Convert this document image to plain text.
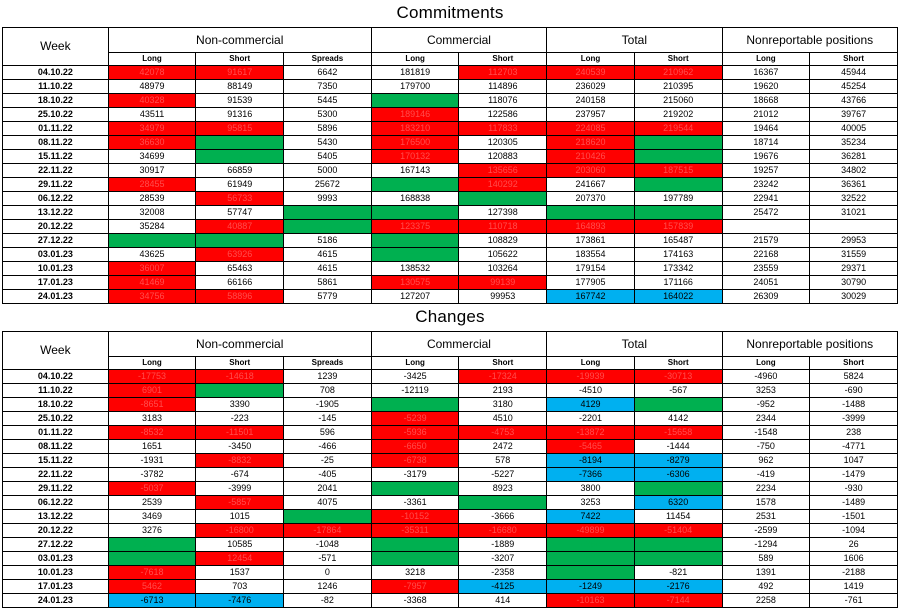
Commitments
Week	Non-commercial			Commercial		Total		Nonreportable positions	
	Long	Short	Spreads	Long	Short	Long	Short	Long	Short
04.10.22	42078	91617	6642	181819	112703	240539	210962	16367	45944
11.10.22	48979	88149	7350	179700	114896	236029	210395	19620	45254
18.10.22	40328	91539	5445	194385	118076	240158	215060	18668	43766
25.10.22	43511	91316	5300	189146	122586	237957	219202	21012	39767
01.11.22	34979	95815	5896	183210	117833	224085	219544	19464	40005
08.11.22	36630	76365	5430	176500	120305	218620	202100	18714	35234
15.11.22	34699	67533	5405	170132	120883	210426	193821	19676	36281
22.11.22	30917	66859	5000	167143	135656	203060	187515	19257	34802
29.11.22	28455	61949	25672	187540	140292	241667	228549	23242	36361
06.12.22	28539	56733	9993	168838	131064	207370	197789	22941	32522
13.12.22	32008	57747	24098	158688	127398	214792	209243	25472	31021
20.12.22	35284	40887	8234	123375	110718	164893	157839		
27.12.22	40585	51472	5186	128090	108829	173861	165487	21579	29953
03.01.23	43625	63926	4615	135314	105622	183554	174163	22168	31559
10.01.23	36007	65463	4615	138532	103264	179154	173342	23559	29371
17.01.23	41469	66166	5861	130575	99139	177905	171166	24051	30790
24.01.23	34756	58896	5779	127207	99953	167742	164022	26309	30029
Changes
Week	Non-commercial			Commercial		Total		Nonreportable positions	
	Long	Short	Spreads	Long	Short	Long	Short	Long	Short
04.10.22	-17753	-14618	1239	-3425	-17324	-19939	-30713	-4960	5824
11.10.22	6901	-3468	708	-12119	2193	-4510	-567	3253	-690
18.10.22	-8651	3390	-1905	14685	3180	4129	4665	-952	-1488
25.10.22	3183	-223	-145	-5239	4510	-2201	4142	2344	-3999
01.11.22	-8532	-11501	596	-5936	-4753	-13872	-15658	-1548	238
08.11.22	1651	-3450	-466	-6650	2472	-5465	-1444	-750	-4771
15.11.22	-1931	-8832	-25	-6738	578	-8194	-8279	962	1047
22.11.22	-3782	-674	-405	-3179	-5227	-7366	-6306	-419	-1479
29.11.22	-5037	-3999	2041	6797	8923	3800	6965	2234	-930
06.12.22	2539	-5857	4075	-3361	8097	3253	6320	1578	-1489
13.12.22	3469	1015	14105	-10152	-3666	7422	11454	2531	-1501
20.12.22	3276	-16800	-17864	-35311	-16680	-49899	-51404	-2599	-1094
27.12.22	5301	10585	-1048	4715	-1889	8968	7648	-1294	26
03.01.23	3040	12454	-571	7224	-3207	9693	8676	589	1606
10.01.23	-7618	1537	0	3218	-2358	-4400	-821	1391	-2188
17.01.23	5462	703	1246	-7957	-4125	-1249	-2176	492	1419
24.01.23	-6713	-7476	-82	-3368	414	-10163	-7144	2258	-761
